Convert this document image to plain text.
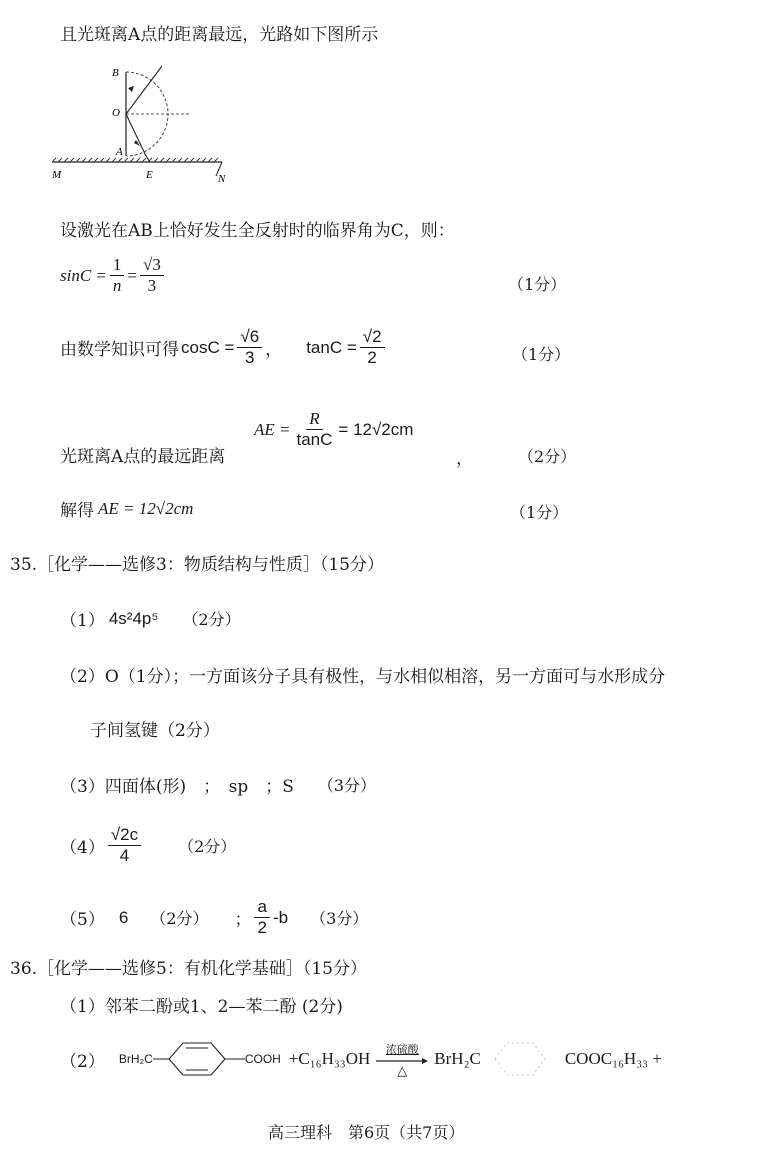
且光斑离A点的距离最远，光路如下图所示
B
O
A
M	E	N
设激光在AB上恰好发生全反射时的临界角为C，则：
$\sin C = \frac{1}{n} = \frac{√3}{3}$	（1分）
由数学知识可得 $\cos C = \frac{√6}{3}$ ， $\tan C = \frac{√2}{2}$	（1分）
光斑离A点的最远距离
AE = $\frac{R}{\tan C} = 12√2cm$
，	（2分）
解得 AE = 12√2cm	（1分）
35.［化学——选修3：物质结构与性质］（15分）
（1） 4s²4p⁵ （2分）
（2）O（1分）；一方面该分子具有极性，与水相似相溶，另一方面可与水形成分
子间氢键（2分）
（3） 四面体(形)　；　sp　；S （3分）
$(4) \frac{√2c}{4} (2$分）
（5） 6 （2分） ； $\frac{a}{2} -b$ （3分）
36.［化学——选修5：有机化学基础］（15分）
（1）邻苯二酚或1、2—苯二酚 (2分)
（2） BrH₂C	COOH +C₁₆H₃₃OH 浓硫酸
△
BrH₂C	COOC₁₆H₃₃ +
高三理科　第6页（共7页）
